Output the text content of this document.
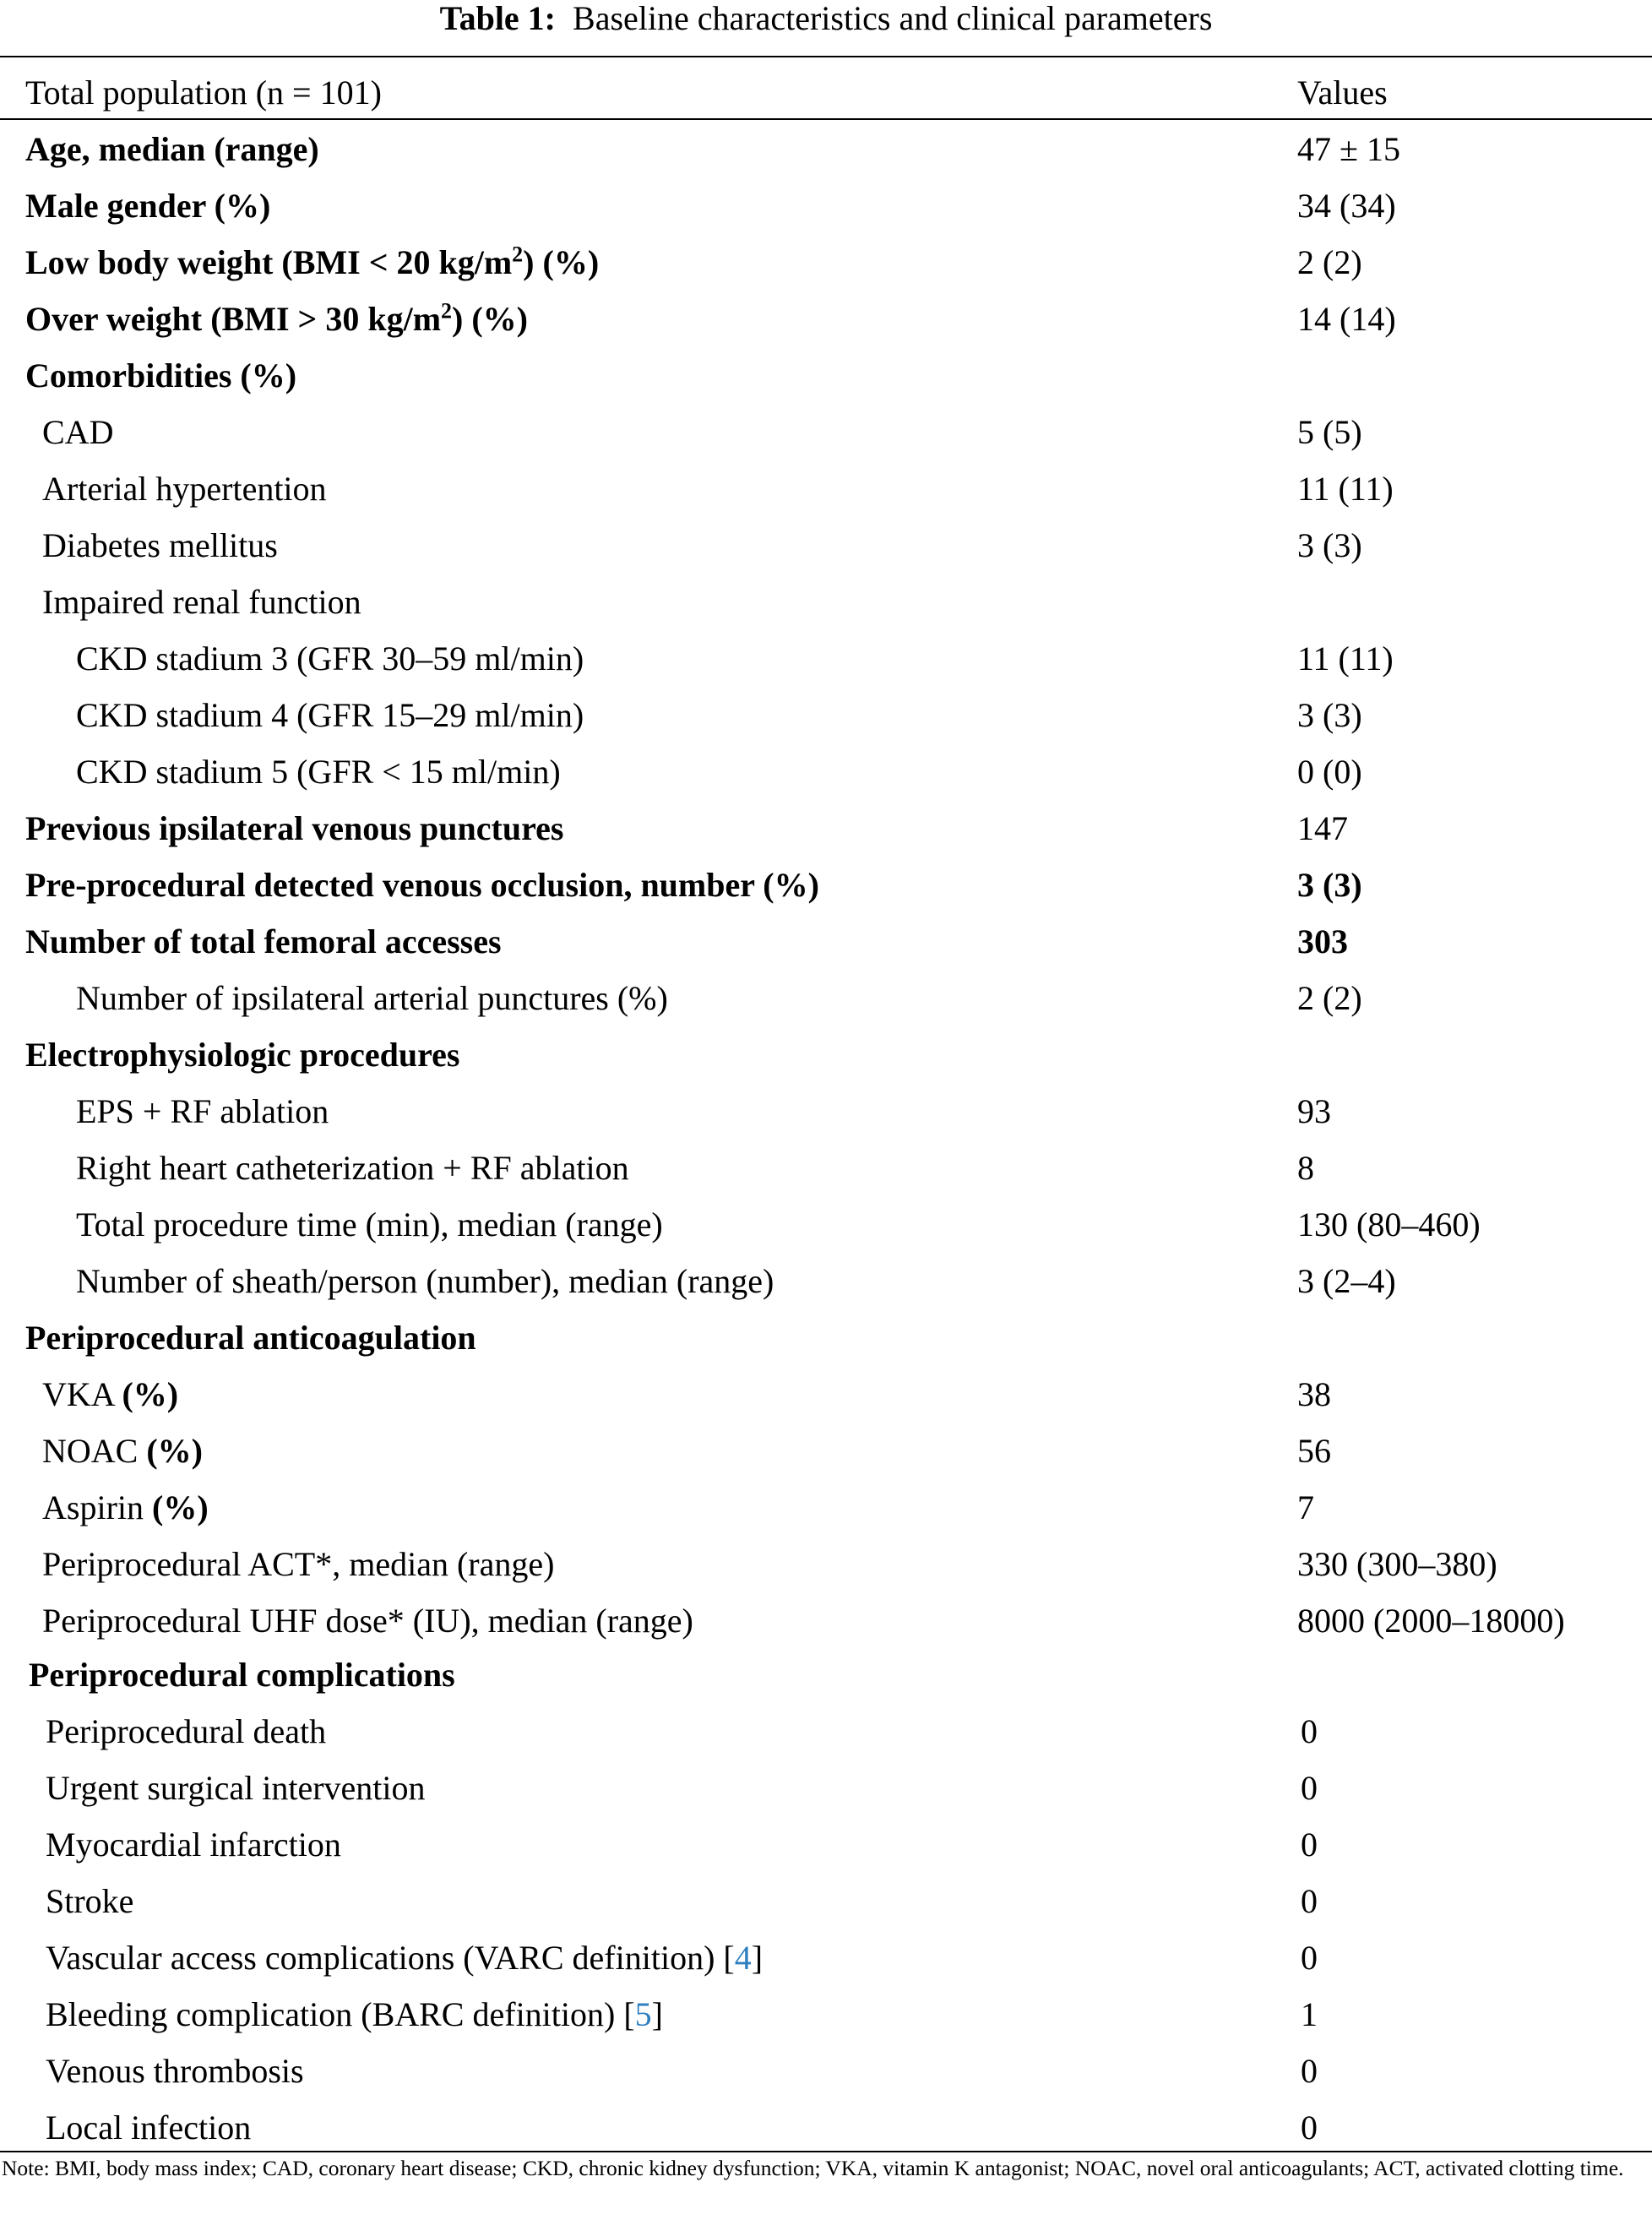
Table 1: Baseline characteristics and clinical parameters
Total population (n = 101)	Values
Age, median (range)	47 ± 15
Male gender (%)	34 (34)
Low body weight (BMI < 20 $kg/m^2$) (%)	2 (2)
Over weight (BMI > 30 $kg/m^2$) (%)	14 (14)
Comorbidities (%)
CAD	5 (5)
Arterial hypertention	11 (11)
Diabetes mellitus	3 (3)
Impaired renal function
CKD stadium 3 (GFR 30–59 ml/min)	11 (11)
CKD stadium 4 (GFR 15–29 ml/min)	3 (3)
CKD stadium 5 (GFR < 15 ml/min)	0 (0)
Previous ipsilateral venous punctures	147
Pre-procedural detected venous occlusion, number (%)	3 (3)
Number of total femoral accesses	303
Number of ipsilateral arterial punctures (%)	2 (2)
Electrophysiologic procedures
EPS + RF ablation	93
Right heart catheterization + RF ablation	8
Total procedure time (min), median (range)	130 (80–460)
Number of sheath/person (number), median (range)	3 (2–4)
Periprocedural anticoagulation
VKA (%)	38
NOAC (%)	56
Aspirin (%)	7
Periprocedural ACT*, median (range)	330 (300–380)
Periprocedural UHF dose* (IU), median (range)	8000 (2000–18000)
Periprocedural complications
Periprocedural death	0
Urgent surgical intervention	0
Myocardial infarction	0
Stroke	0
Vascular access complications (VARC definition) [4]	0
Bleeding complication (BARC definition) [5]	1
Venous thrombosis	0
Local infection	0
Note: BMI, body mass index; CAD, coronary heart disease; CKD, chronic kidney dysfunction; VKA, vitamin K antagonist; NOAC, novel oral anticoagulants; ACT, activated clotting time.
